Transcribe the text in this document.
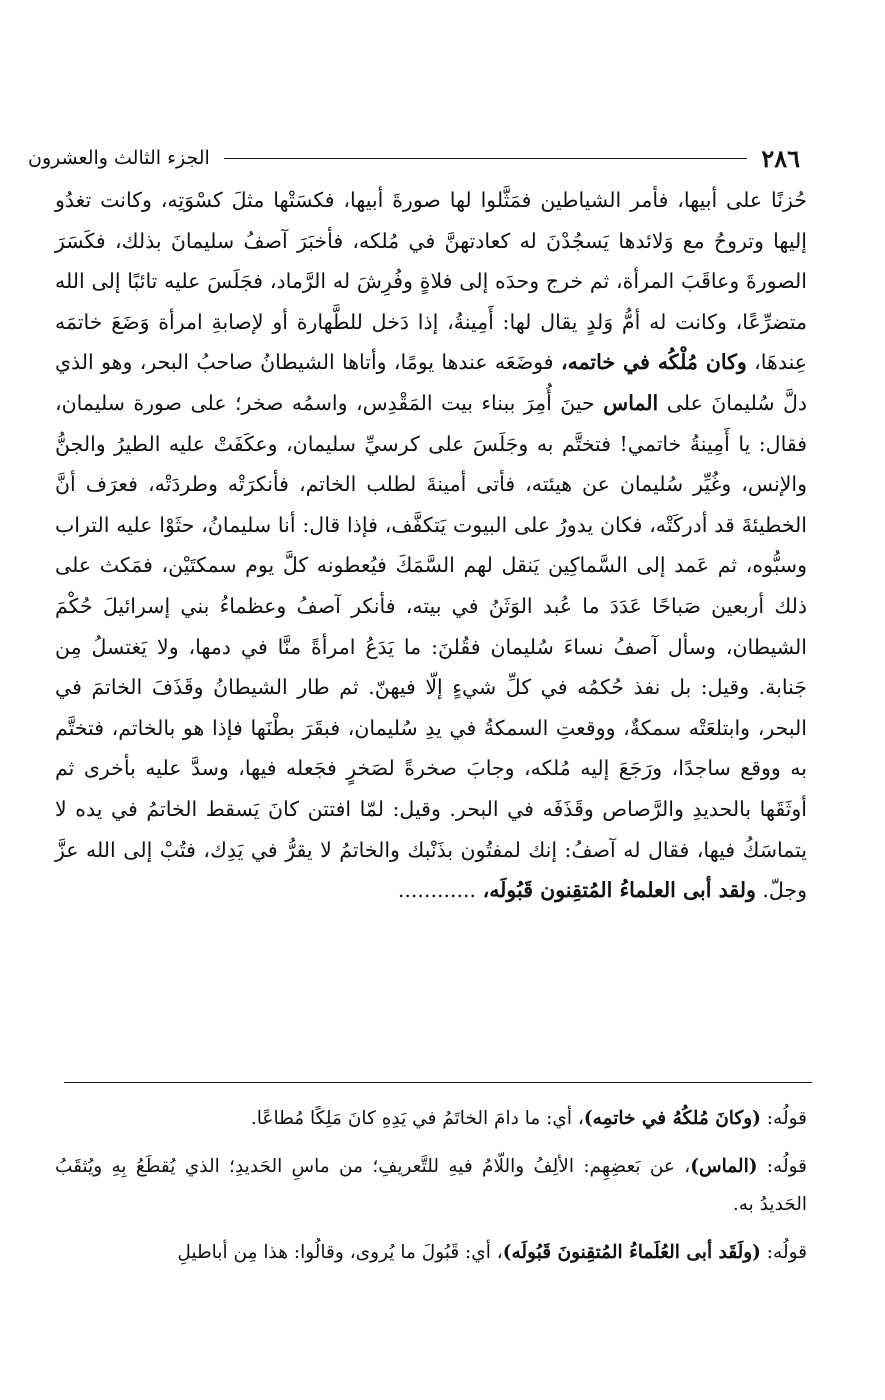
٢٨٦
الجزء الثالث والعشرون

حُزنًا على أبيها، فأمر الشياطين فمَثَّلوا لها صورةَ أبيها، فكسَتْها مثلَ كسْوَتِه، وكانت تغدُو إليها وتروحُ مع وَلائدها يَسجُدْنَ له كعادتهنَّ في مُلكه، فأخبَرَ آصفُ سليمانَ بذلك، فكَسَرَ الصورةَ وعاقَبَ المرأة، ثم خرج وحدَه إلى فلاةٍ وفُرِشَ له الرَّماد، فجَلَسَ عليه تائبًا إلى الله متضرِّعًا، وكانت له أمُّ وَلدٍ يقال لها: أَمِينةُ، إذا دَخل للطَّهارة أو لإصابةِ امرأة وَضَعَ خاتمَه عِندهَا، وكان مُلْكُه في خاتمه، فوضَعَه عندها يومًا، وأتاها الشيطانُ صاحبُ البحر، وهو الذي دلَّ سُليمانَ على الماس حينَ أُمِرَ ببناء بيت المَقْدِس، واسمُه صخر؛ على صورة سليمان، فقال: يا أَمِينةُ خاتمي! فتختَّم به وجَلَسَ على كرسيِّ سليمان، وعكَفَتْ عليه الطيرُ والجنُّ والإنس، وغُيِّر سُليمان عن هيئته، فأتى أمينةَ لطلب الخاتم، فأنكرَتْه وطردَتْه، فعرَف أنَّ الخطيئةَ قد أدركَتْه، فكان يدورُ على البيوت يَتكفَّف، فإذا قال: أنا سليمانُ، حثَوْا عليه التراب وسبُّوه، ثم عَمد إلى السَّماكِين يَنقل لهم السَّمَكَ فيُعطونه كلَّ يوم سمكتَيْن، فمَكث على ذلك أربعين صَباحًا عَدَدَ ما عُبد الوَثَنُ في بيته، فأنكر آصفُ وعظماءُ بني إسرائيلَ حُكْمَ الشيطان، وسأل آصفُ نساءَ سُليمان فقُلنَ: ما يَدَعُ امرأةً منَّا في دمها، ولا يَغتسلُ مِن جَنابة. وقيل: بل نفذ حُكمُه في كلِّ شيءٍ إلّا فيهنّ. ثم طار الشيطانُ وقَذَفَ الخاتمَ في البحر، وابتلعَتْه سمكةٌ، ووقعتِ السمكةُ في يدِ سُليمان، فبقَرَ بطْنَها فإذا هو بالخاتم، فتختَّم به ووقع ساجدًا، ورَجَعَ إليه مُلكه، وجابَ صخرةً لصَخرٍ فجَعله فيها، وسدَّ عليه بأخرى ثم أوثَقَها بالحديدِ والرَّصاص وقَذَفَه في البحر. وقيل: لمّا افتتن كانَ يَسقط الخاتمُ في يده لا يتماسَكُ فيها، فقال له آصفُ: إنك لمفتُون بذَنْبك والخاتمُ لا يقرُّ في يَدِك، فتُبْ إلى الله عزَّ وجلّ. ولقد أبى العلماءُ المُتقِنون قَبُولَه، ............

قولُه: (وكانَ مُلكُهُ في خاتمِه)، أي: ما دامَ الخاتَمُ في يَدِهِ كانَ مَلِكًا مُطاعًا.

قولُه: (الماس)، عن بَعضِهِم: الألِفُ واللّامُ فيهِ للتَّعريفِ؛ من ماسِ الحَديدِ؛ الذي يُقطَعُ بِهِ ويُثقَبُ الحَديدُ به.

قولُه: (ولَقَد أبى العُلَماءُ المُتقِنونَ قَبُولَه)، أي: قَبُولَ ما يُروى، وقالُوا: هذا مِن أباطيلِ
